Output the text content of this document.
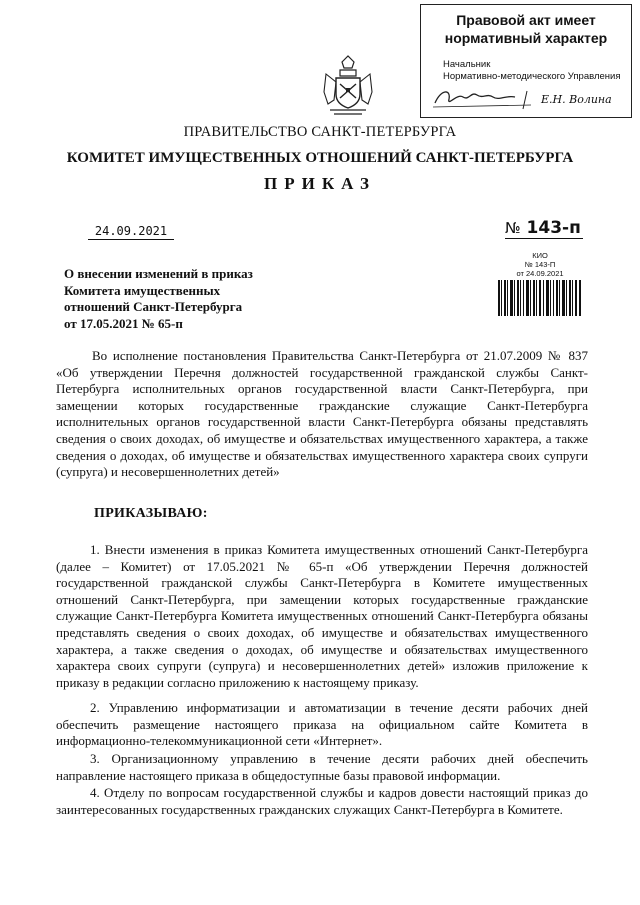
Правовой акт имеет
нормативный характер
Начальник
Нормативно-методического Управления
Е.Н. Волина
ПРАВИТЕЛЬСТВО САНКТ-ПЕТЕРБУРГА
КОМИТЕТ ИМУЩЕСТВЕННЫХ ОТНОШЕНИЙ САНКТ-ПЕТЕРБУРГА
ПРИКАЗ
24.09.2021	№ 143-п
КИО
№ 143-П
от 24.09.2021
О внесении изменений в приказ
Комитета имущественных
отношений Санкт-Петербурга
от 17.05.2021 № 65-п
Во исполнение постановления Правительства Санкт-Петербурга от 21.07.2009 № 837 «Об утверждении Перечня должностей государственной гражданской службы Санкт-Петербурга исполнительных органов государственной власти Санкт-Петербурга, при замещении которых государственные гражданские служащие Санкт-Петербурга исполнительных органов государственной власти Санкт-Петербурга обязаны представлять сведения о своих доходах, об имуществе и обязательствах имущественного характера, а также сведения о доходах, об имуществе и обязательствах имущественного характера своих супруги (супруга) и несовершеннолетних детей»
ПРИКАЗЫВАЮ:
1. Внести изменения в приказ Комитета имущественных отношений Санкт-Петербурга (далее – Комитет) от 17.05.2021 № 65-п «Об утверждении Перечня должностей государственной гражданской службы Санкт-Петербурга в Комитете имущественных отношений Санкт-Петербурга, при замещении которых государственные гражданские служащие Санкт-Петербурга Комитета имущественных отношений Санкт-Петербурга обязаны представлять сведения о своих доходах, об имуществе и обязательствах имущественного характера, а также сведения о доходах, об имуществе и обязательствах имущественного характера своих супруги (супруга) и несовершеннолетних детей» изложив приложение к приказу в редакции согласно приложению к настоящему приказу.
2. Управлению информатизации и автоматизации в течение десяти рабочих дней обеспечить размещение настоящего приказа на официальном сайте Комитета в информационно-телекоммуникационной сети «Интернет».
3. Организационному управлению в течение десяти рабочих дней обеспечить направление настоящего приказа в общедоступные базы правовой информации.
4. Отделу по вопросам государственной службы и кадров довести настоящий приказ до заинтересованных государственных гражданских служащих Санкт-Петербурга в Комитете.
